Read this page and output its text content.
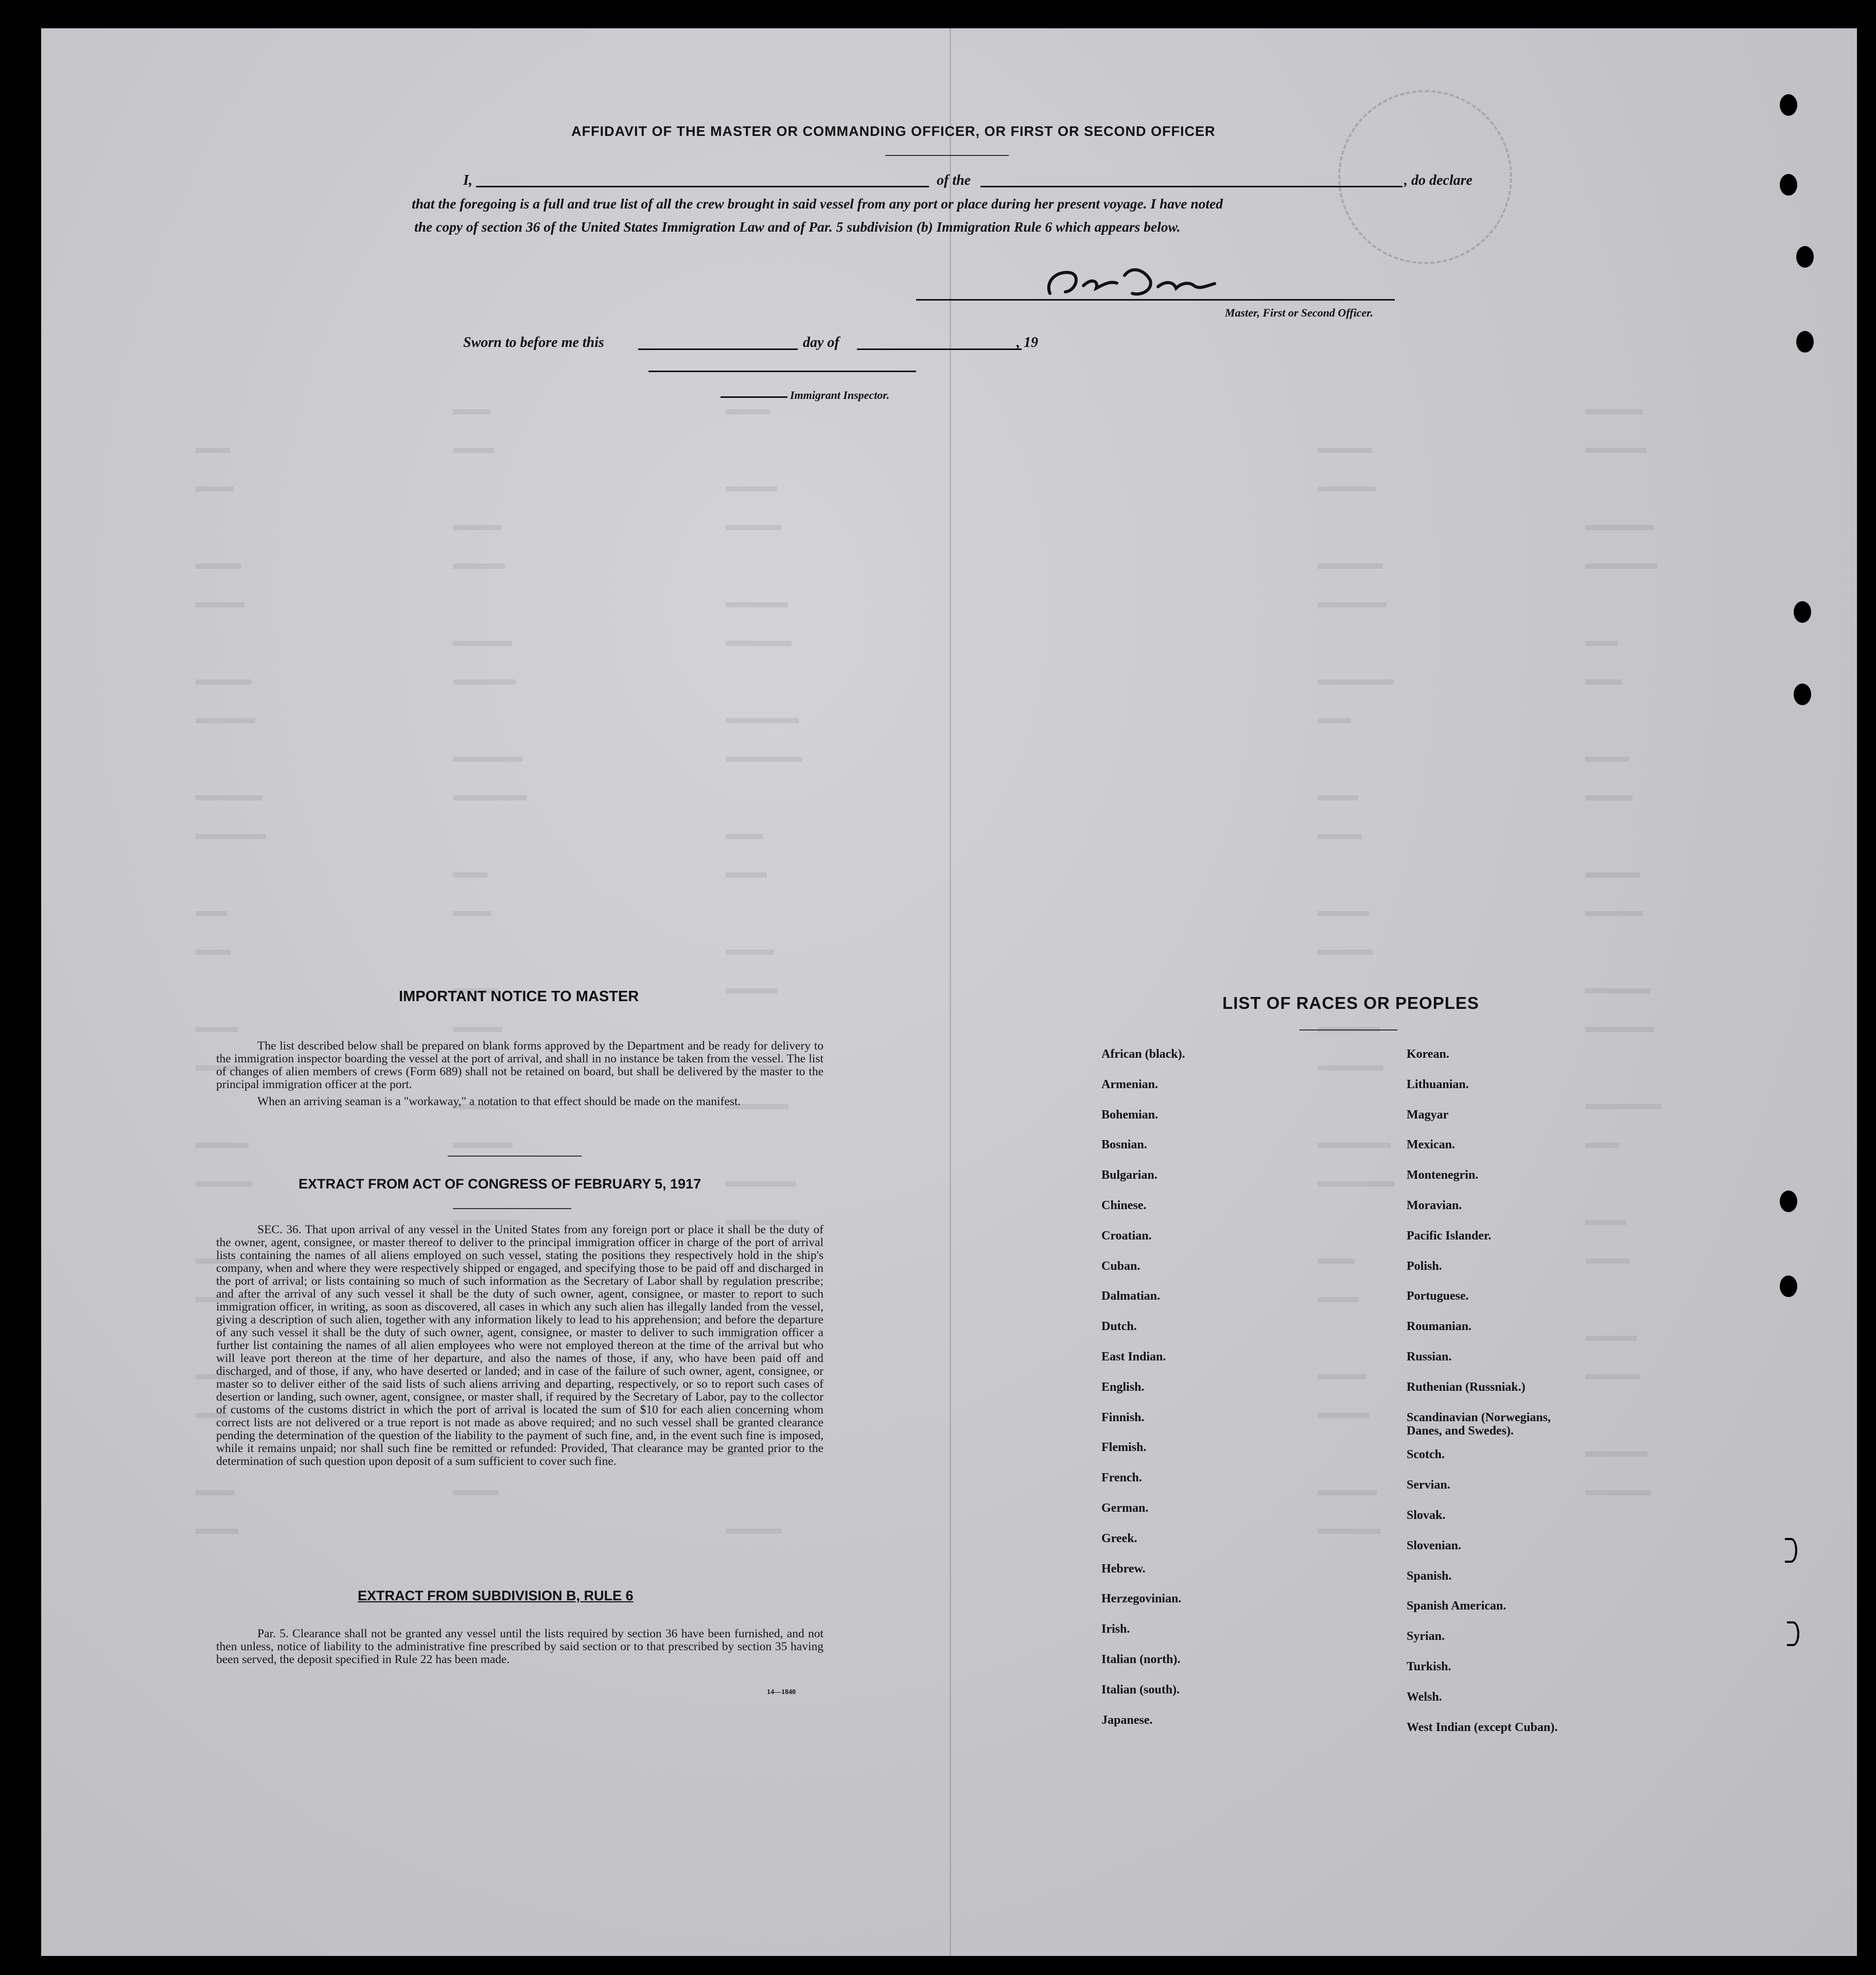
AFFIDAVIT OF THE MASTER OR COMMANDING OFFICER, OR FIRST OR SECOND OFFICER
I,	of the	, do declare
that the foregoing is a full and true list of all the crew brought in said vessel from any port or place during her present voyage. I have noted
the copy of section 36 of the United States Immigration Law and of Par. 5 subdivision (b) Immigration Rule 6 which appears below.
Master, First or Second Officer.
Sworn to before me this	day of	, 19
Immigrant Inspector.
IMPORTANT NOTICE TO MASTER

The list described below shall be prepared on blank forms approved by the Department and be ready for delivery to the immigration inspector boarding the vessel at the port of arrival, and shall in no instance be taken from the vessel. The list of changes of alien members of crews (Form 689) shall not be retained on board, but shall be delivered by the master to the principal immigration officer at the port.

When an arriving seaman is a "workaway," a notation to that effect should be made on the manifest.

EXTRACT FROM ACT OF CONGRESS OF FEBRUARY 5, 1917

SEC. 36. That upon arrival of any vessel in the United States from any foreign port or place it shall be the duty of the owner, agent, consignee, or master thereof to deliver to the principal immigration officer in charge of the port of arrival lists containing the names of all aliens employed on such vessel, stating the positions they respectively hold in the ship's company, when and where they were respectively shipped or engaged, and specifying those to be paid off and discharged in the port of arrival; or lists containing so much of such information as the Secretary of Labor shall by regulation prescribe; and after the arrival of any such vessel it shall be the duty of such owner, agent, consignee, or master to report to such immigration officer, in writing, as soon as discovered, all cases in which any such alien has illegally landed from the vessel, giving a description of such alien, together with any information likely to lead to his apprehension; and before the departure of any such vessel it shall be the duty of such owner, agent, consignee, or master to deliver to such immigration officer a further list containing the names of all alien employees who were not employed thereon at the time of the arrival but who will leave port thereon at the time of her departure, and also the names of those, if any, who have been paid off and discharged, and of those, if any, who have deserted or landed; and in case of the failure of such owner, agent, consignee, or master so to deliver either of the said lists of such aliens arriving and departing, respectively, or so to report such cases of desertion or landing, such owner, agent, consignee, or master shall, if required by the Secretary of Labor, pay to the collector of customs of the customs district in which the port of arrival is located the sum of $10 for each alien concerning whom correct lists are not delivered or a true report is not made as above required; and no such vessel shall be granted clearance pending the determination of the question of the liability to the payment of such fine, and, in the event such fine is imposed, while it remains unpaid; nor shall such fine be remitted or refunded: Provided, That clearance may be granted prior to the determination of such question upon deposit of a sum sufficient to cover such fine.

EXTRACT FROM SUBDIVISION B, RULE 6

Par. 5. Clearance shall not be granted any vessel until the lists required by section 36 have been furnished, and not then unless, notice of liability to the administrative fine prescribed by said section or to that prescribed by section 35 having been served, the deposit specified in Rule 22 has been made.

14—1840
LIST OF RACES OR PEOPLES
African (black).
Armenian.
Bohemian.
Bosnian.
Bulgarian.
Chinese.
Croatian.
Cuban.
Dalmatian.
Dutch.
East Indian.
English.
Finnish.
Flemish.
French.
German.
Greek.
Hebrew.
Herzegovinian.
Irish.
Italian (north).
Italian (south).
Japanese.
Korean.
Lithuanian.
Magyar
Mexican.
Montenegrin.
Moravian.
Pacific Islander.
Polish.
Portuguese.
Roumanian.
Russian.
Ruthenian (Russniak.)
Scandinavian (Norwegians,
Danes, and Swedes).
Scotch.
Servian.
Slovak.
Slovenian.
Spanish.
Spanish American.
Syrian.
Turkish.
Welsh.
West Indian (except Cuban).
